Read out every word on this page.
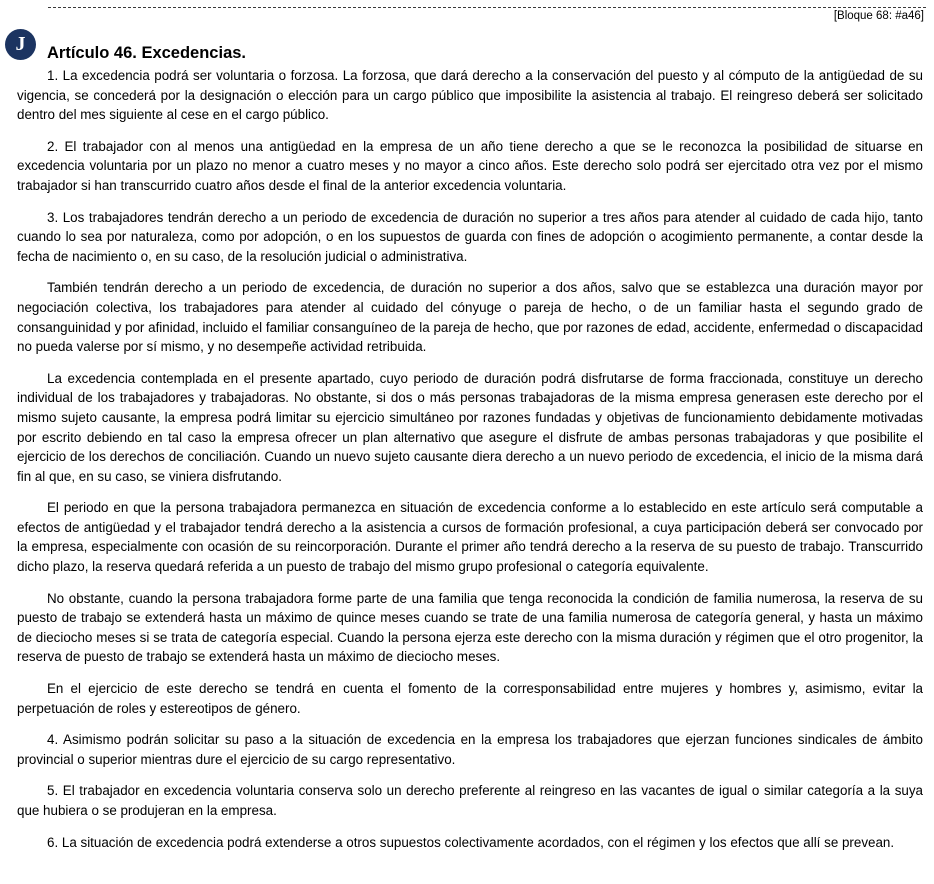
[Bloque 68: #a46]
J	Artículo 46. Excedencias.

1. La excedencia podrá ser voluntaria o forzosa. La forzosa, que dará derecho a la conservación del puesto y al cómputo de la antigüedad de su vigencia, se concederá por la designación o elección para un cargo público que imposibilite la asistencia al trabajo. El reingreso deberá ser solicitado dentro del mes siguiente al cese en el cargo público.

2. El trabajador con al menos una antigüedad en la empresa de un año tiene derecho a que se le reconozca la posibilidad de situarse en excedencia voluntaria por un plazo no menor a cuatro meses y no mayor a cinco años. Este derecho solo podrá ser ejercitado otra vez por el mismo trabajador si han transcurrido cuatro años desde el final de la anterior excedencia voluntaria.

3. Los trabajadores tendrán derecho a un periodo de excedencia de duración no superior a tres años para atender al cuidado de cada hijo, tanto cuando lo sea por naturaleza, como por adopción, o en los supuestos de guarda con fines de adopción o acogimiento permanente, a contar desde la fecha de nacimiento o, en su caso, de la resolución judicial o administrativa.

También tendrán derecho a un periodo de excedencia, de duración no superior a dos años, salvo que se establezca una duración mayor por negociación colectiva, los trabajadores para atender al cuidado del cónyuge o pareja de hecho, o de un familiar hasta el segundo grado de consanguinidad y por afinidad, incluido el familiar consanguíneo de la pareja de hecho, que por razones de edad, accidente, enfermedad o discapacidad no pueda valerse por sí mismo, y no desempeñe actividad retribuida.

La excedencia contemplada en el presente apartado, cuyo periodo de duración podrá disfrutarse de forma fraccionada, constituye un derecho individual de los trabajadores y trabajadoras. No obstante, si dos o más personas trabajadoras de la misma empresa generasen este derecho por el mismo sujeto causante, la empresa podrá limitar su ejercicio simultáneo por razones fundadas y objetivas de funcionamiento debidamente motivadas por escrito debiendo en tal caso la empresa ofrecer un plan alternativo que asegure el disfrute de ambas personas trabajadoras y que posibilite el ejercicio de los derechos de conciliación. Cuando un nuevo sujeto causante diera derecho a un nuevo periodo de excedencia, el inicio de la misma dará fin al que, en su caso, se viniera disfrutando.

El periodo en que la persona trabajadora permanezca en situación de excedencia conforme a lo establecido en este artículo será computable a efectos de antigüedad y el trabajador tendrá derecho a la asistencia a cursos de formación profesional, a cuya participación deberá ser convocado por la empresa, especialmente con ocasión de su reincorporación. Durante el primer año tendrá derecho a la reserva de su puesto de trabajo. Transcurrido dicho plazo, la reserva quedará referida a un puesto de trabajo del mismo grupo profesional o categoría equivalente.

No obstante, cuando la persona trabajadora forme parte de una familia que tenga reconocida la condición de familia numerosa, la reserva de su puesto de trabajo se extenderá hasta un máximo de quince meses cuando se trate de una familia numerosa de categoría general, y hasta un máximo de dieciocho meses si se trata de categoría especial. Cuando la persona ejerza este derecho con la misma duración y régimen que el otro progenitor, la reserva de puesto de trabajo se extenderá hasta un máximo de dieciocho meses.

En el ejercicio de este derecho se tendrá en cuenta el fomento de la corresponsabilidad entre mujeres y hombres y, asimismo, evitar la perpetuación de roles y estereotipos de género.

4. Asimismo podrán solicitar su paso a la situación de excedencia en la empresa los trabajadores que ejerzan funciones sindicales de ámbito provincial o superior mientras dure el ejercicio de su cargo representativo.

5. El trabajador en excedencia voluntaria conserva solo un derecho preferente al reingreso en las vacantes de igual o similar categoría a la suya que hubiera o se produjeran en la empresa.

6. La situación de excedencia podrá extenderse a otros supuestos colectivamente acordados, con el régimen y los efectos que allí se prevean.
